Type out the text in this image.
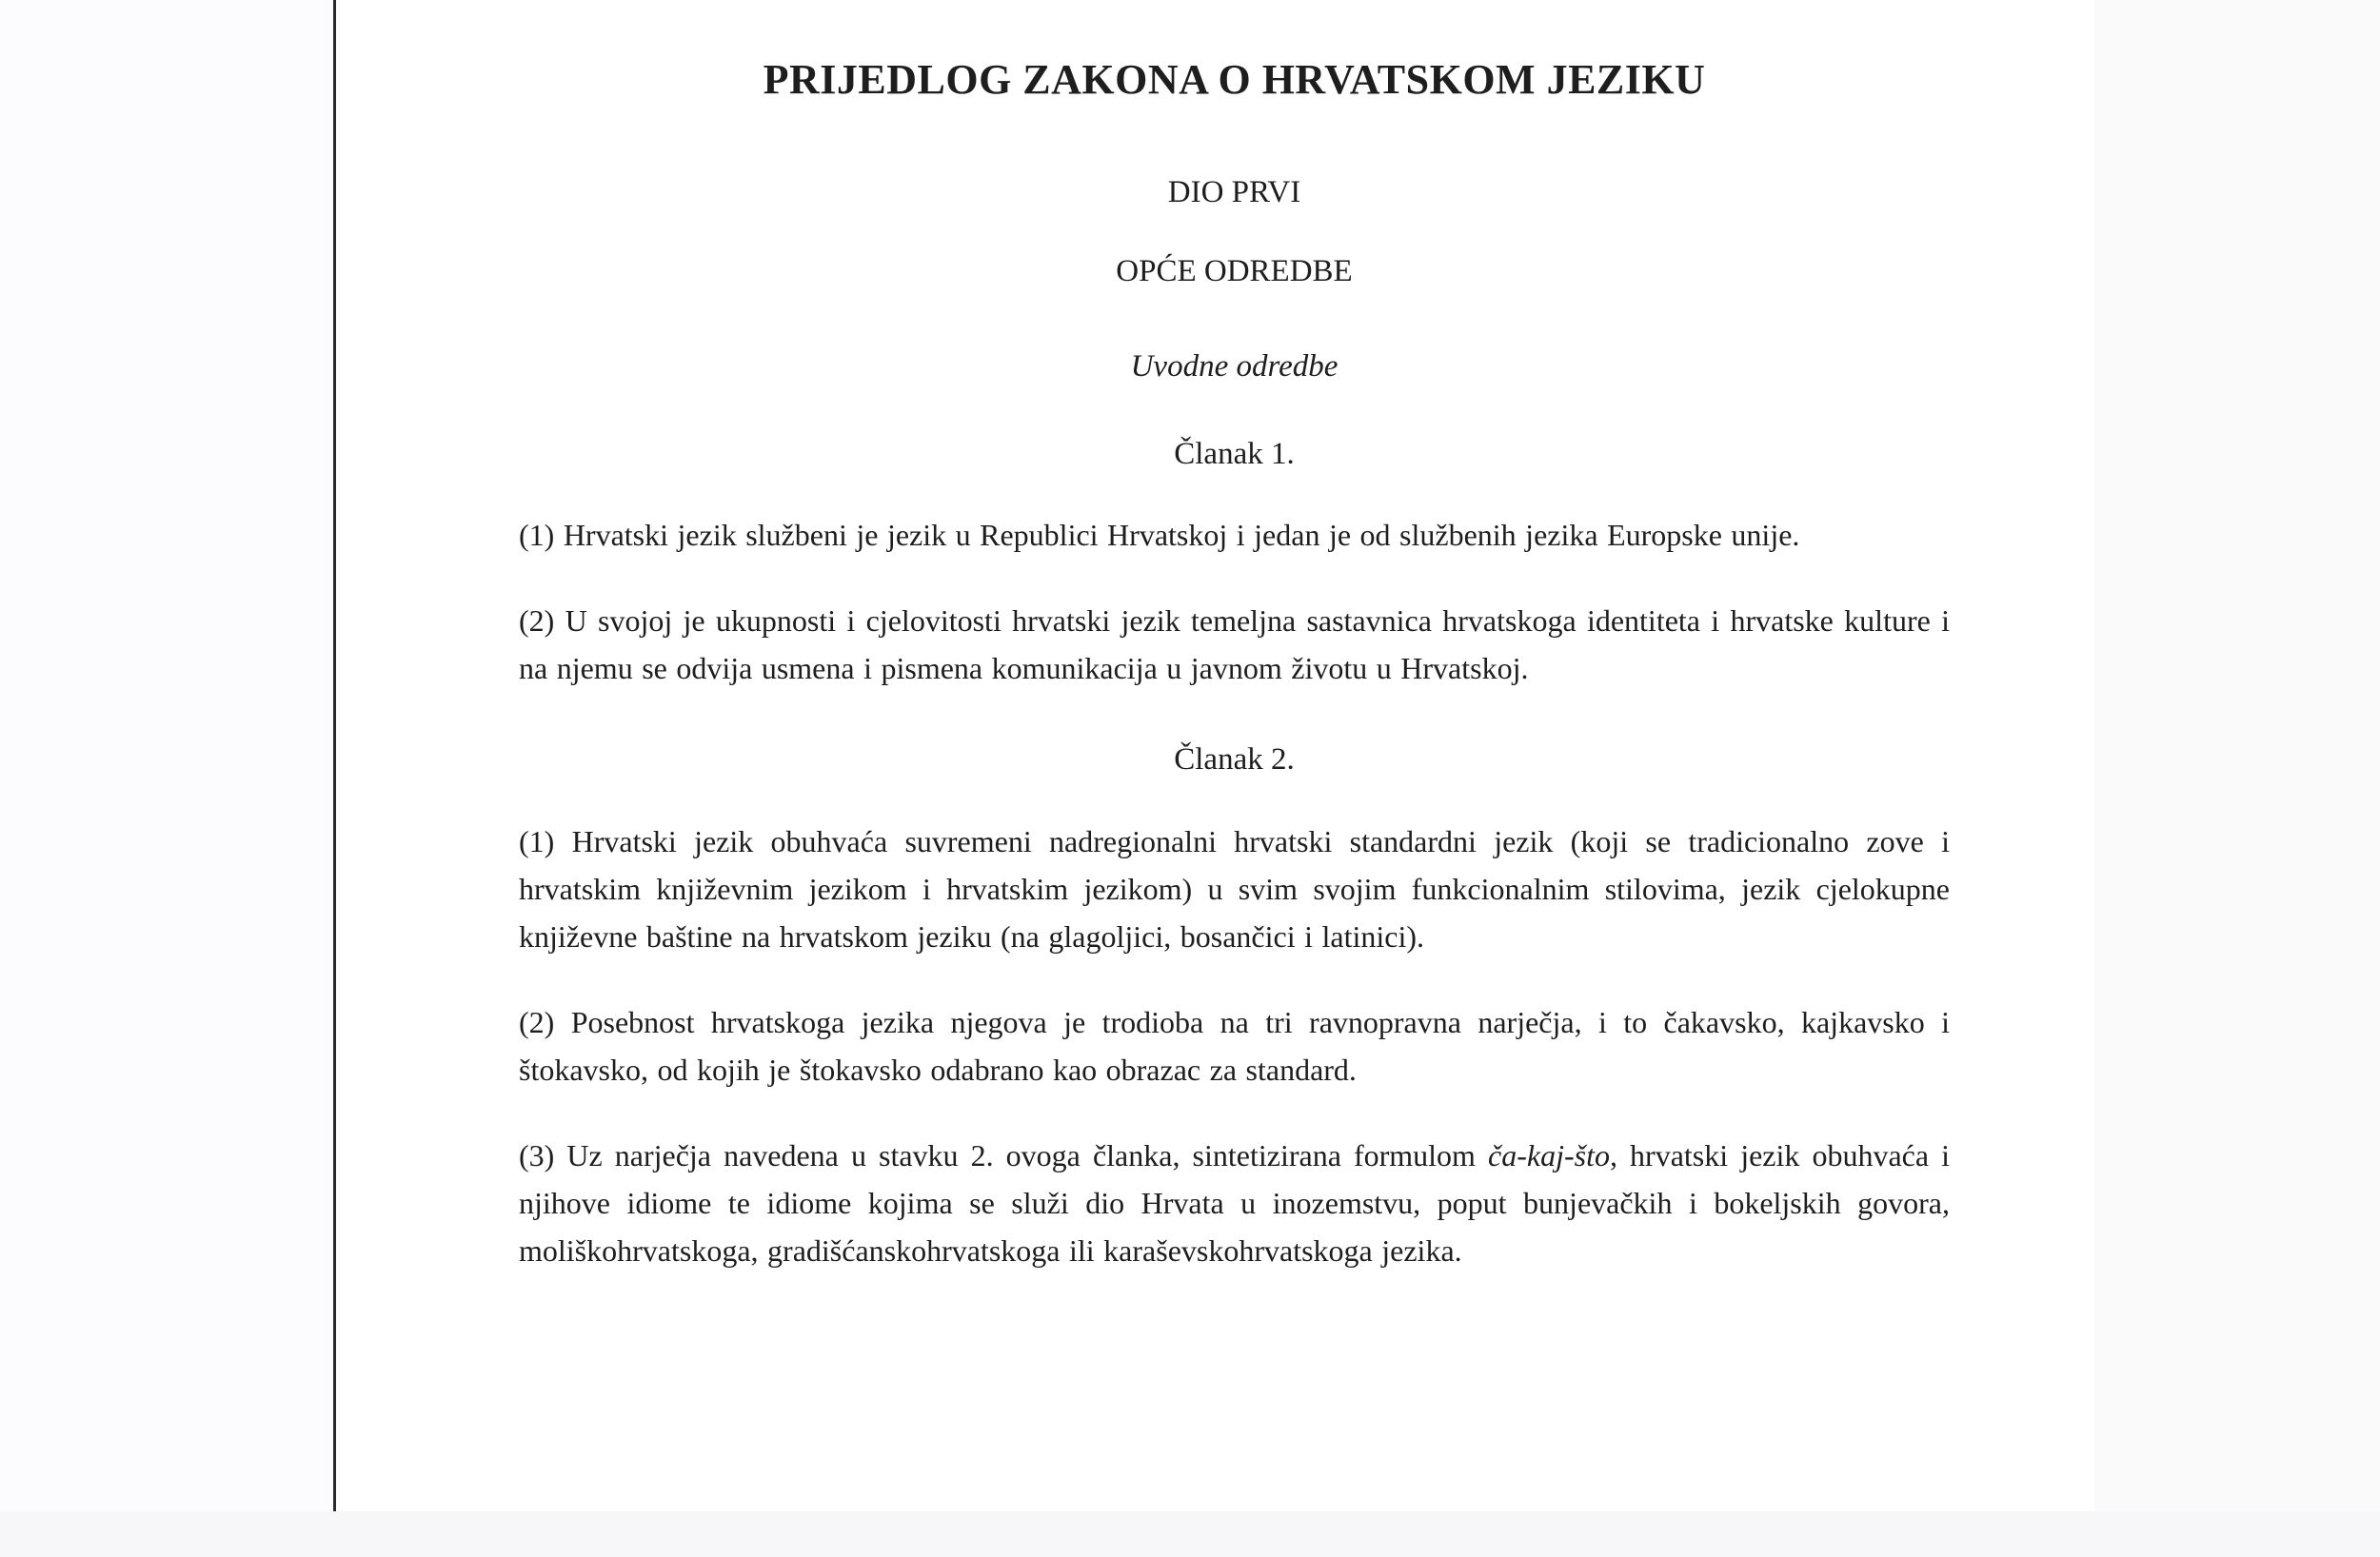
PRIJEDLOG ZAKONA O HRVATSKOM JEZIKU
DIO PRVI
OPĆE ODREDBE
Uvodne odredbe
Članak 1.

(1) Hrvatski jezik službeni je jezik u Republici Hrvatskoj i jedan je od službenih jezika Europske unije.

(2) U svojoj je ukupnosti i cjelovitosti hrvatski jezik temeljna sastavnica hrvatskoga identiteta i hrvatske kulture i na njemu se odvija usmena i pismena komunikacija u javnom životu u Hrvatskoj.

Članak 2.

(1) Hrvatski jezik obuhvaća suvremeni nadregionalni hrvatski standardni jezik (koji se tradicionalno zove i hrvatskim književnim jezikom i hrvatskim jezikom) u svim svojim funkcionalnim stilovima, jezik cjelokupne književne baštine na hrvatskom jeziku (na glagoljici, bosančici i latinici).

(2) Posebnost hrvatskoga jezika njegova je trodioba na tri ravnopravna narječja, i to čakavsko, kajkavsko i štokavsko, od kojih je štokavsko odabrano kao obrazac za standard.

(3) Uz narječja navedena u stavku 2. ovoga članka, sintetizirana formulom ča-kaj-što, hrvatski jezik obuhvaća i njihove idiome te idiome kojima se služi dio Hrvata u inozemstvu, poput bunjevačkih i bokeljskih govora, moliškohrvatskoga, gradišćanskohrvatskoga ili karaševskohrvatskoga jezika.
